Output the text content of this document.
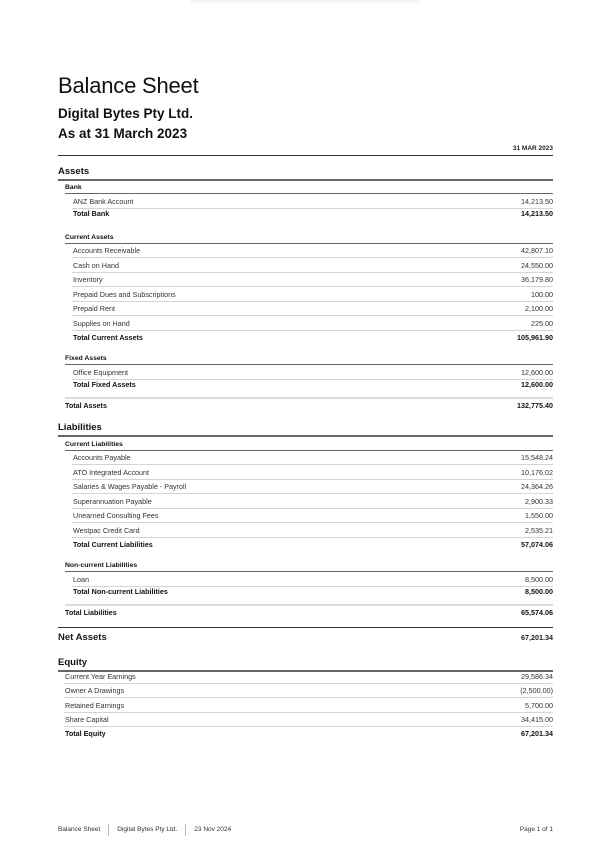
Balance Sheet
Digital Bytes Pty Ltd.
As at 31 March 2023
31 MAR 2023
Assets
Bank
ANZ Bank Account	14,213.50
Total Bank	14,213.50
Current Assets
Accounts Receivable	42,807.10
Cash on Hand	24,550.00
Inventory	36,179.80
Prepaid Dues and Subscriptions	100.00
Prepaid Rent	2,100.00
Supplies on Hand	225.00
Total Current Assets	105,961.90
Fixed Assets
Office Equipment	12,600.00
Total Fixed Assets	12,600.00
Total Assets	132,775.40
Liabilities
Current Liabilities
Accounts Payable	15,548.24
ATO Integrated Account	10,176.02
Salaries & Wages Payable - Payroll	24,364.26
Superannuation Payable	2,900.33
Unearned Consulting Fees	1,550.00
Westpac Credit Card	2,535.21
Total Current Liabilities	57,074.06
Non-current Liabilities
Loan	8,500.00
Total Non-current Liabilities	8,500.00
Total Liabilities	65,574.06
Net Assets	67,201.34
Equity
Current Year Earnings	29,586.34
Owner A Drawings	(2,500.00)
Retained Earnings	5,700.00
Share Capital	34,415.00
Total Equity	67,201.34
Balance Sheet	Digital Bytes Pty Ltd.	23 Nov 2024	Page 1 of 1
